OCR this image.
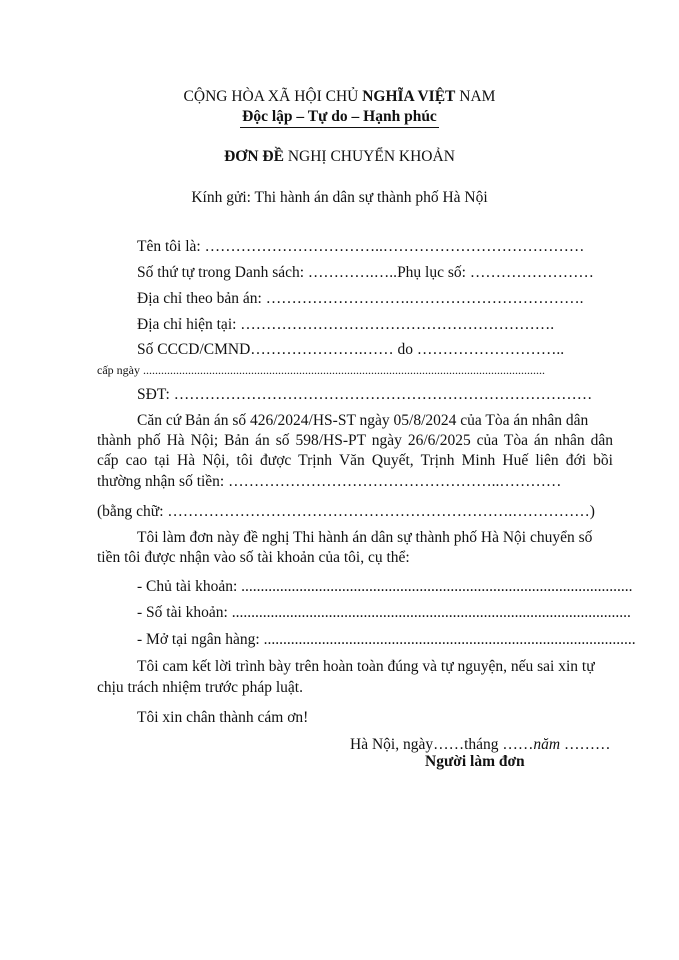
CỘNG HÒA XÃ HỘI CHỦ NGHĨA VIỆT NAM
Độc lập – Tự do – Hạnh phúc
ĐƠN ĐỀ NGHỊ CHUYỂN KHOẢN
Kính gửi: Thi hành án dân sự thành phố Hà Nội
Tên tôi là: ……………………………..…………………………………
Số thứ tự trong Danh sách: ………….…..Phụ lục số: ……………………
Địa chỉ theo bản án: ……………………….…………………………….
Địa chỉ hiện tại: …………………………………………………….
Số CCCD/CMND………………….…… do ………………………..
cấp ngày ......................................................................................................................................
SĐT: ………………………………………………………………………
Căn cứ Bản án số 426/2024/HS-ST ngày 05/8/2024 của Tòa án nhân dân
thành phố Hà Nội; Bản án số 598/HS-PT ngày 26/6/2025 của Tòa án nhân dân
cấp cao tại Hà Nội, tôi được Trịnh Văn Quyết, Trịnh Minh Huế liên đới bồi
thường nhận số tiền: ……………………………………………..…………
(bằng chữ: ………………………………………………………….……………)
Tôi làm đơn này đề nghị Thi hành án dân sự thành phố Hà Nội chuyển số
tiền tôi được nhận vào số tài khoản của tôi, cụ thể:
- Chủ tài khoản: .....................................................................................................
- Số tài khoản: .......................................................................................................
- Mở tại ngân hàng: ................................................................................................
Tôi cam kết lời trình bày trên hoàn toàn đúng và tự nguyện, nếu sai xin tự
chịu trách nhiệm trước pháp luật.
Tôi xin chân thành cám ơn!
Hà Nội, ngày……tháng ……năm ………
Người làm đơn
